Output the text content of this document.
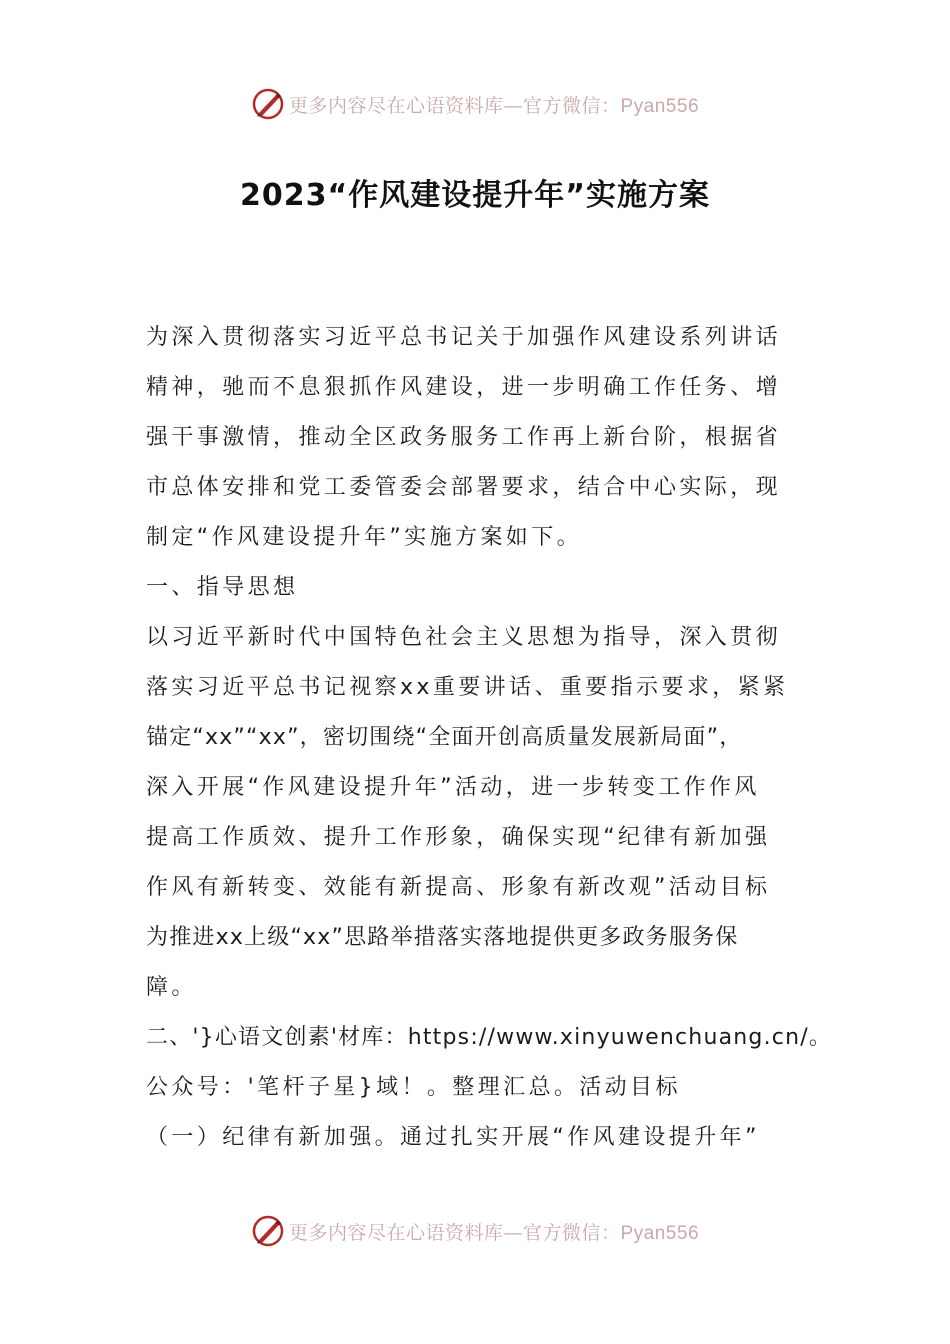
更多内容尽在心语资料库—官方微信：Pyan556
2023“作风建设提升年”实施方案
为深入贯彻落实习近平总书记关于加强作风建设系列讲话
精神，驰而不息狠抓作风建设，进一步明确工作任务、增
强干事激情，推动全区政务服务工作再上新台阶，根据省
市总体安排和党工委管委会部署要求，结合中心实际，现
制定“作风建设提升年”实施方案如下。
一、指导思想
以习近平新时代中国特色社会主义思想为指导，深入贯彻
落实习近平总书记视察xx重要讲话、重要指示要求，紧紧
锚定“xx”“xx”，密切围绕“全面开创高质量发展新局面”，
深入开展“作风建设提升年”活动，进一步转变工作作风
提高工作质效、提升工作形象，确保实现“纪律有新加强
作风有新转变、效能有新提高、形象有新改观”活动目标
为推进xx上级“xx”思路举措落实落地提供更多政务服务保
障。
二、'}心语文创素'材库：https://www.xinyuwenchuang.cn/。
公众号：'笔杆子星}域！。整理汇总。活动目标
（一）纪律有新加强。通过扎实开展“作风建设提升年”
更多内容尽在心语资料库—官方微信：Pyan556
